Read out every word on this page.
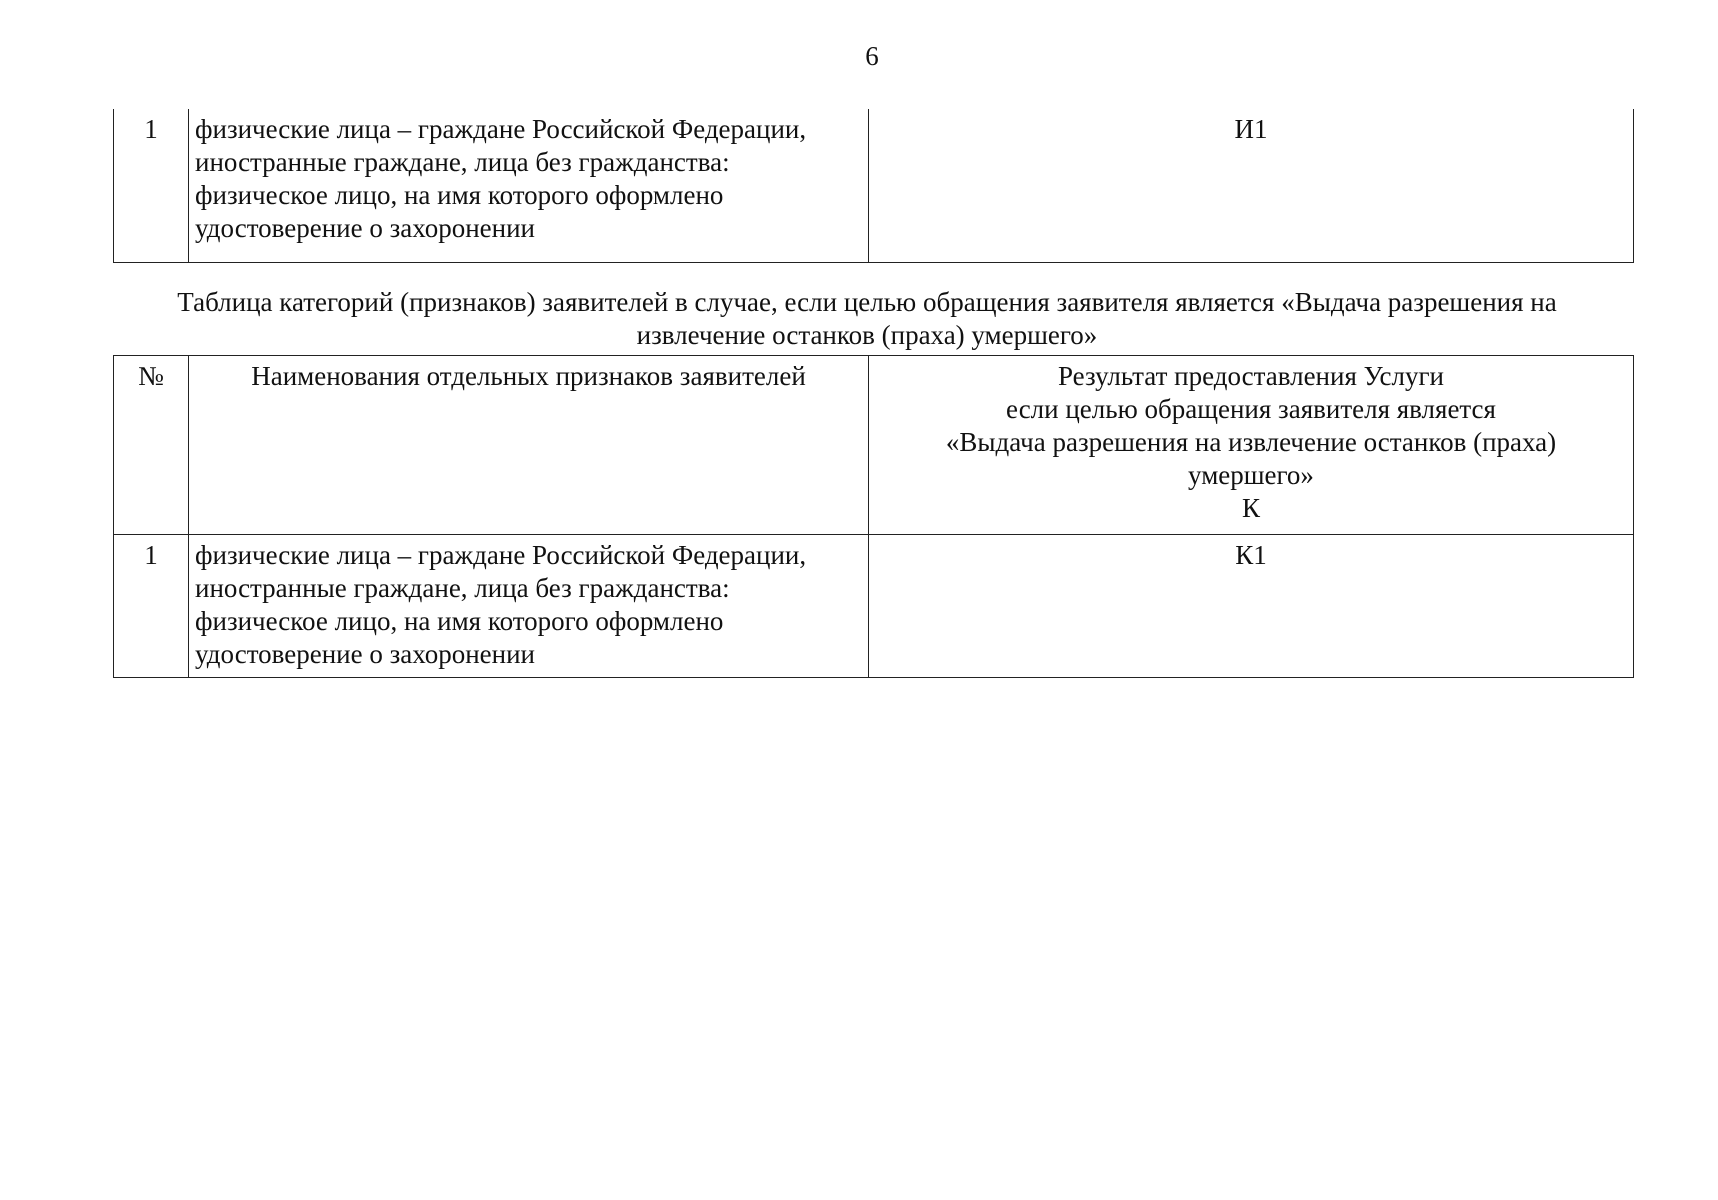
6
1	физические лица – граждане Российской Федерации, иностранные граждане, лица без гражданства: физическое лицо, на имя которого оформлено удостоверение о захоронении	И1
Таблица категорий (признаков) заявителей в случае, если целью обращения заявителя является «Выдача разрешения на извлечение останков (праха) умершего»
№	Наименования отдельных признаков заявителей	Результат предоставления Услуги
если целью обращения заявителя является
«Выдача разрешения на извлечение останков (праха) умершего»
К

1	физические лица – граждане Российской Федерации, иностранные граждане, лица без гражданства: физическое лицо, на имя которого оформлено удостоверение о захоронении	К1
